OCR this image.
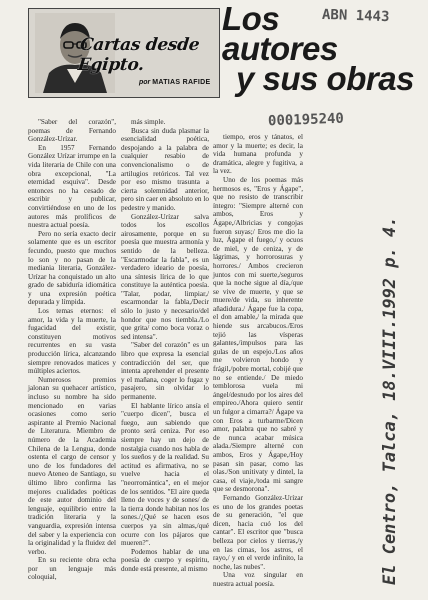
Cartas desde Egipto.
por MATIAS RAFIDE
Los
autores
y sus obras
ABN 1443
000195240

"Saber del corazón", poemas de Fernando González-Urízar.

En 1957 Fernando González Urízar irrumpe en la vida literaria de Chile con una obra excepcional, "La eternidad esquiva". Desde entonces no ha cesado de escribir y publicar, convirtiéndose en uno de los autores más prolíficos de nuestra actual poesía.

Pero no sería exacto decir solamente que es un escritor fecundo, puesto que muchos lo son y no pasan de la mediania literaria, González-Urízar ha conquistado un alto grado de sabiduría idiomática y una expresión poética depurada y límpida.

Los temas eternos: el amor, la vida y la muerte, la fugacidad del existir, constituyen motivos recurrentes en su vasta producción lírica, alcanzando siempre renovados matices y múltiples aciertos.

Numerosos premios jalonan su quehacer artístico, incluso su nombre ha sido mencionado en varias ocasiones como serio aspirante al Premio Nacional de Literatura. Miembro de número de la Academia Chilena de la Lengua, donde ostenta el cargo de censor y uno de los fundadores del nuevo Ateneo de Santiago, su último libro confirma las mejores cualidades poéticas de este autor dominio del lenguaje, equilibrio entre la tradición literaria y la vanguardia, expresión intensa del saber y la experiencia con la originalidad y la fluidez del verbo.

En su reciente obra echa por un lenguaje más coloquial,

más simple.

Busca sin duda plasmar la esencialidad poética, despojando a la palabra de cualquier resabio de convencionalismo o de artilugios retóricos. Tal vez por eso mismo trasunta a cierta solemnidad anterior, pero sin caer en absoluto en lo pedestre y manido.

González-Urízar salva todos los escollos airosamente, porque en su poesía que muestra armonía y sentido de la belleza. "Escarmodar la fabla", es un verdadero ideario de poesía, una síntesis lírica de lo que constituye la auténtica poesía. "Talar, podar, limpiar,/ escarmondar la fabla,/Decir sólo lo justo y necesario/del hondor que nos tiembla./Lo que grita/ como boca voraz o sed intensa".

"Saber del corazón" es un libro que expresa la esencial contradicción del ser, que intenta aprehender el presente y el mañana, coger lo fugaz y pasajero, sin olvidar lo permanente.

El hablante lírico ansía el "cuerpo dicen", busca el fuego, aun sabiendo que pronto será ceniza. Por eso siempre hay un dejo de nostalgia cuando nos habla de los sueños y de la realidad. Su actitud es afirmativa, no se vuelve hacia el "neorromántica", en el mejor de los sentidos. "El aire queda lleno de voces y de sones/ de la tierra donde habitan nos los sones./¿Qué se hacen esos cuerpos ya sin almas,/qué ocurre con los pájaros que mueren?".

Podemos hablar de una poesía de cuerpo y espíritu, donde está presente, al mismo

tiempo, eros y tánatos, el amor y la muerte; es decir, la vida humana profunda y dramática, alegre y fugitiva, a la vez.

Uno de los poemas más hermosos es, "Eros y Ágape", que no resisto de transcribir íntegro: "Siempre alterné con ambos, Eros y Ágape,/Albricias y congojas fueron suyas;/ Eros me dio la luz, Ágape el fuego,/ y ocuos de miel, y de ceniza, y de lágrimas, y horrorosuras y horrores./ Ambos crecieron juntos con mi suerte,/seguros que la noche sigue al día,/que se vive de muerte, y que se muere/de vida, su inherente añadidura./ Ágape fue la copa, el don amable,/ la mirada que hiende sus arcabucos./Eros tejió las vísperas galantes,/impulsos para las gulas de un espejo./Los años me volvieron hondo y frágil,/pobre mortal, cobijé que no se entiende./ De miedo temblorosa vuela mi ángel/desnudo por los aires del empireo./Ahora quiero sentir un fulgor a cimarra?/ Ágape va con Eros a turbarme/Dicen amor, palabra que no sabré y de nunca acabar música alada./Siempre alterné con ambos, Eros y Ágape,/Hoy pasan sin pasar, como las olas./Son unitivaty y dintel, la casa, el viaje,/toda mi sangre que se desmorona".

Fernando González-Urízar es uno de los grandes poetas de su generación, "el que dicen, hacia cuó los del cantar". El escritor que "busca belleza por cielos y tierras,/y en las cimas, los astros, el rayo,/ y en el verde infinito, la noche, las nubes".

Una voz singular en nuestra actual poesía.	El Centro, Talca, 18.VIII.1992 p. 4.
